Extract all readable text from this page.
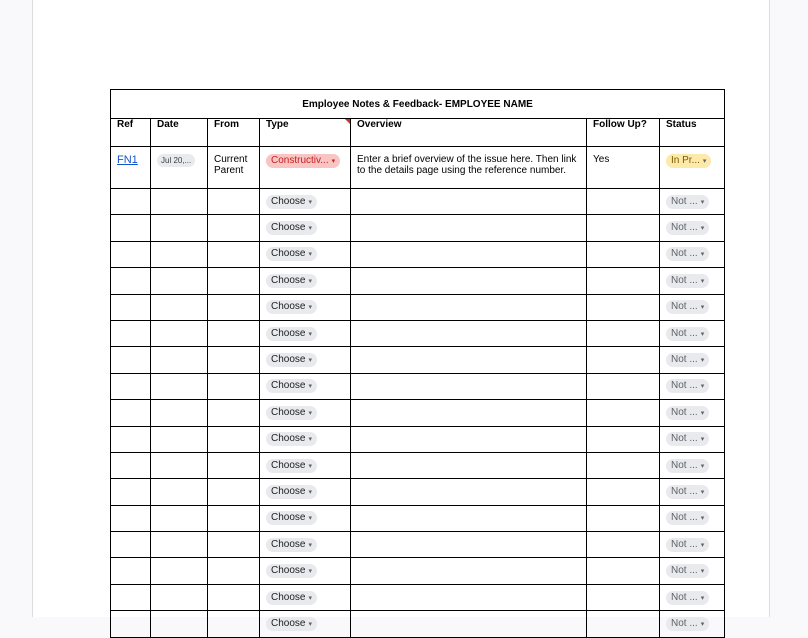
Employee Notes & Feedback- EMPLOYEE NAME						
Ref	Date	From	Type	Overview	Follow Up?	Status
FN1	Jul 20,...	Current Parent	Constructiv... ▾	Enter a brief overview of the issue here. Then link to the details page using the reference number.	Yes	In Pr... ▾
			Choose ▾			Not ... ▾
			Choose ▾			Not ... ▾
			Choose ▾			Not ... ▾
			Choose ▾			Not ... ▾
			Choose ▾			Not ... ▾
			Choose ▾			Not ... ▾
			Choose ▾			Not ... ▾
			Choose ▾			Not ... ▾
			Choose ▾			Not ... ▾
			Choose ▾			Not ... ▾
			Choose ▾			Not ... ▾
			Choose ▾			Not ... ▾
			Choose ▾			Not ... ▾
			Choose ▾			Not ... ▾
			Choose ▾			Not ... ▾
			Choose ▾			Not ... ▾
			Choose ▾			Not ... ▾
